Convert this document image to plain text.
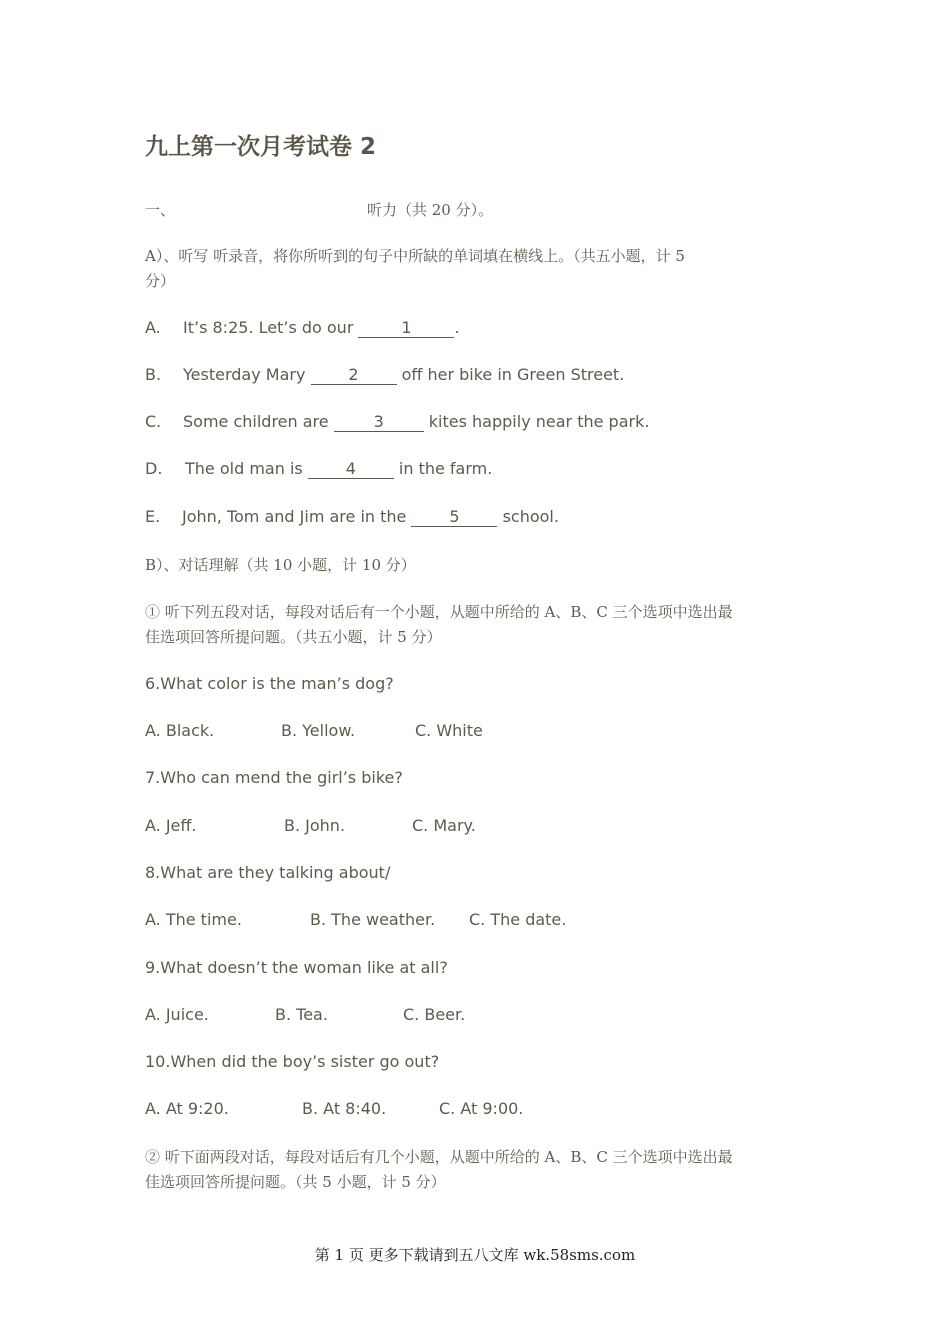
九上第一次月考试卷 2
一、	听力（共 20 分）。
A）、听写 听录音，将你所听到的句子中所缺的单词填在横线上。（共五小题，计 5
分）
A. It’s 8:25. Let’s do our	1	.
B. Yesterday Mary 2 off her bike in Green Street.
C. Some children are 3 kites happily near the park.
D. The old man is 4 in the farm.
E. John, Tom and Jim are in the 5 school.
B）、对话理解（共 10 小题，计 10 分）
① 听下列五段对话，每段对话后有一个小题，从题中所给的 A、B、C 三个选项中选出最
佳选项回答所提问题。（共五小题，计 5 分）
6.What color is the man’s dog?
A. Black.	B. Yellow.	C. White
7.Who can mend the girl’s bike?
A. Jeff.	B. John.	C. Mary.
8.What are they talking about/
A. The time.	B. The weather. C. The date.
9.What doesn’t the woman like at all?
A. Juice.	B. Tea.	C. Beer.
10.When did the boy’s sister go out?
A. At 9:20.	B. At 8:40.	C. At 9:00.
② 听下面两段对话，每段对话后有几个小题，从题中所给的 A、B、C 三个选项中选出最
佳选项回答所提问题。（共 5 小题，计 5 分）
第 1 页 更多下载请到五八文库 wk.58sms.com
